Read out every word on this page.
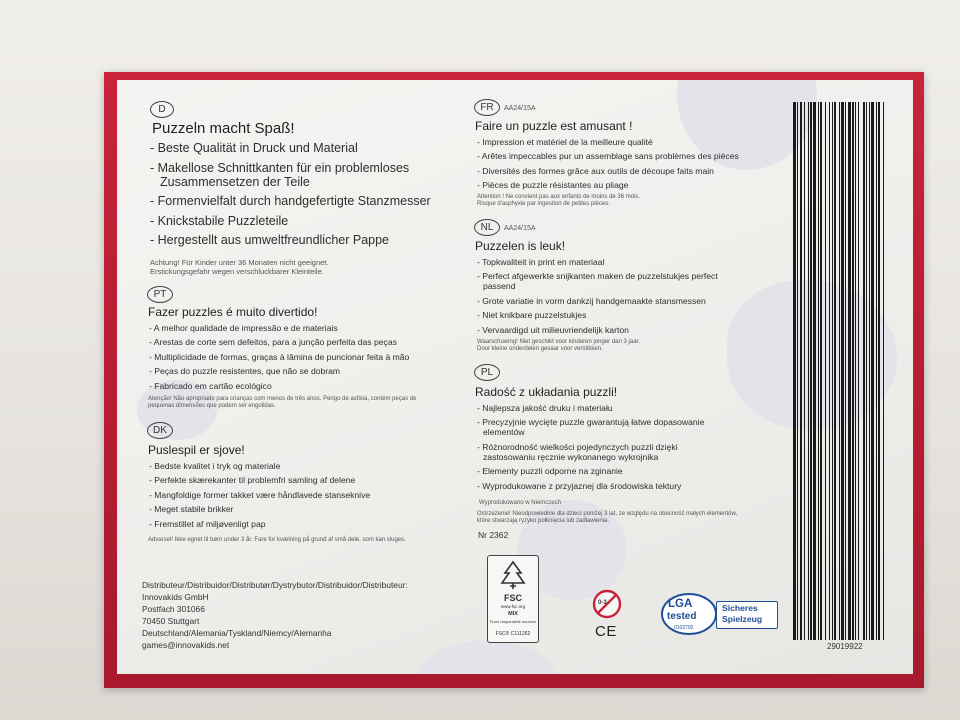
D
Puzzeln macht Spaß!
- Beste Qualität in Druck und Material
- Makellose Schnittkanten für ein problemloses
Zusammensetzen der Teile
- Formenvielfalt durch handgefertigte Stanzmesser
- Knickstabile Puzzleteile
- Hergestellt aus umweltfreundlicher Pappe
Achtung! Für Kinder unter 36 Monaten nicht geeignet.
Erstickungsgefahr wegen verschluckbarer Kleinteile.
PT
Fazer puzzles é muito divertido!
- A melhor qualidade de impressão e de materiais
- Arestas de corte sem defeitos, para a junção perfeita das peças
- Multiplicidade de formas, graças à lâmina de puncionar feita à mão
- Peças do puzzle resistentes, que não se dobram
- Fabricado em cartão ecológico
Atenção! Não apropriado para crianças com menos de três anos. Perigo de asfixia, contém peças de
pequenas dimensões que podem ser engolidas.
DK
Puslespil er sjove!
- Bedste kvalitet i tryk og materiale
- Perfekte skærekanter til problemfri samling af delene
- Mangfoldige former takket være håndlavede stanseknive
- Meget stabile brikker
- Fremstillet af miljøvenligt pap
Advarsel! Ikke egnet til børn under 3 år. Fare for kvælning på grund af små dele, som kan sluges.
Distributeur/Distribuidor/Distributør/Dystrybutor/Distribuidor/Distributeur:
Innovakids GmbH
Postfach 301066
70450 Stuttgart
Deutschland/Alemania/Tyskland/Niemcy/Alemanha
games@innovakids.net
FR	AA24/15A
Faire un puzzle est amusant !
- Impression et matériel de la meilleure qualité
- Arêtes impeccables pur un assemblage sans problèmes des pièces
- Diversités des formes grâce aux outils de découpe faits main
- Pièces de puzzle résistantes au pliage
Attention ! Ne convient pas aux enfants de moins de 36 mois.
Risque d'asphyxie par ingestion de petites pièces.
NL	AA24/15A
Puzzelen is leuk!
- Topkwaliteit in print en materiaal
- Perfect afgewerkte snijkanten maken de puzzelstukjes perfect
passend
- Grote variatie in vorm dankzij handgemaakte stansmessen
- Niet knikbare puzzelstukjes
- Vervaardigd uit milieuvriendelijk karton
Waarschuwing! Niet geschikt voor kinderen jonger dan 3 jaar.
Door kleine onderdelen gevaar voor verstikken.
PL
Radość z układania puzzli!
- Najlepsza jakość druku i materiału
- Precyzyjnie wycięte puzzle gwarantują łatwe dopasowanie
elementów
- Różnorodność wielkości pojedynczych puzzli dzięki
zastosowaniu ręcznie wykonanego wykrojnika
- Elementy puzzli odporne na zginanie
- Wyprodukowane z przyjaznej dla środowiska tektury
Wyprodukowano w Niemczech
Ostrzeżenie! Nieodpowiednie dla dzieci poniżej 3 lat, ze względu na obecność małych elementów,
które stwarzają ryzyko połknięcia lub zadławienia.
Nr 2362
FSC
www.fsc.org
MIX
From responsible sources
FSC® C111262
0-3
CE
LGA
tested
0102792
Sicheres
Spielzeug
29019922
